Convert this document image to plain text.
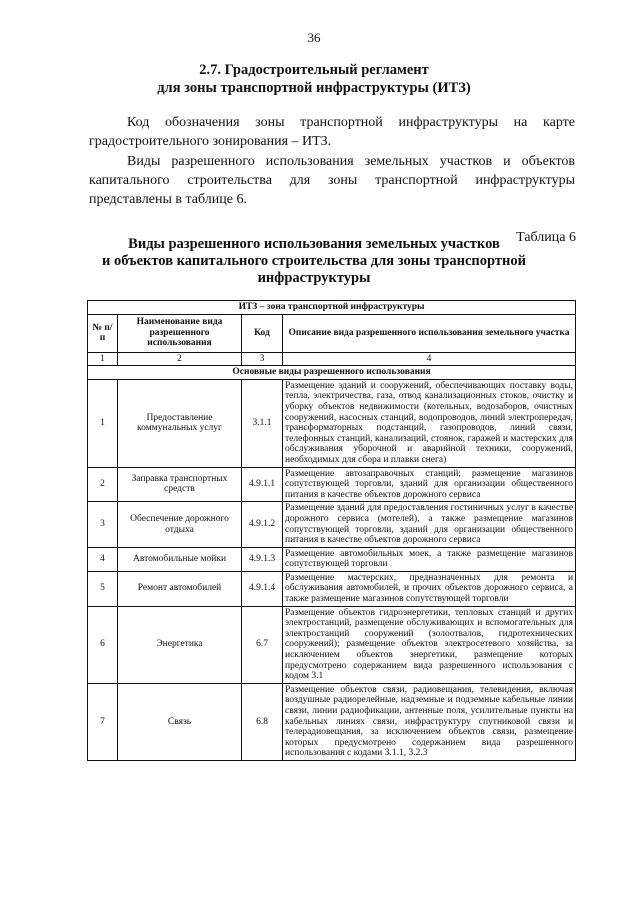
36
2.7. Градостроительный регламент
для зоны транспортной инфраструктуры (ИТЗ)
Код обозначения зоны транспортной инфраструктуры на карте градостроительного зонирования – ИТЗ.
Виды разрешенного использования земельных участков и объектов капитального строительства для зоны транспортной инфраструктуры представлены в таблице 6.
Таблица 6
Виды разрешенного использования земельных участков
и объектов капитального строительства для зоны транспортной
инфраструктуры
ИТЗ – зона транспортной инфраструктуры			
№ п/п	Наименование вида разрешенного использования	Код	Описание вида разрешенного использования земельного участка
1	2	3	4
Основные виды разрешенного использования			
1	Предоставление коммунальных услуг	3.1.1	Размещение зданий и сооружений, обеспечивающих поставку воды, тепла, электричества, газа, отвод канализационных стоков, очистку и уборку объектов недвижимости (котельных, водозаборов, очистных сооружений, насосных станций, водопроводов, линий электропередач, трансформаторных подстанций, газопроводов, линий связи, телефонных станций, канализаций, стоянок, гаражей и мастерских для обслуживания уборочной и аварийной техники, сооружений, необходимых для сбора и плавки снега)
2	Заправка транспортных средств	4.9.1.1	Размещение автозаправочных станций; размещение магазинов сопутствующей торговли, зданий для организации общественного питания в качестве объектов дорожного сервиса
3	Обеспечение дорожного отдыха	4.9.1.2	Размещение зданий для предоставления гостиничных услуг в качестве дорожного сервиса (мотелей), а также размещение магазинов сопутствующей торговли, зданий для организации общественного питания в качестве объектов дорожного сервиса
4	Автомобильные мойки	4.9.1.3	Размещение автомобильных моек, а также размещение магазинов сопутствующей торговли
5	Ремонт автомобилей	4.9.1.4	Размещение мастерских, предназначенных для ремонта и обслуживания автомобилей, и прочих объектов дорожного сервиса, а также размещение магазинов сопутствующей торговли
6	Энергетика	6.7	Размещение объектов гидроэнергетики, тепловых станций и других электростанций, размещение обслуживающих и вспомогательных для электростанций сооружений (золоотвалов, гидротехнических сооружений); размещение объектов электросетевого хозяйства, за исключением объектов энергетики, размещение которых предусмотрено содержанием вида разрешенного использования с кодом 3.1
7	Связь	6.8	Размещение объектов связи, радиовещания, телевидения, включая воздушные радиорелейные, надземные и подземные кабельные линии связи, линии радиофикации, антенные поля, усилительные пункты на кабельных линиях связи, инфраструктуру спутниковой связи и телерадиовещания, за исключением объектов связи, размещение которых предусмотрено содержанием вида разрешенного использования с кодами 3.1.1, 3.2.3
